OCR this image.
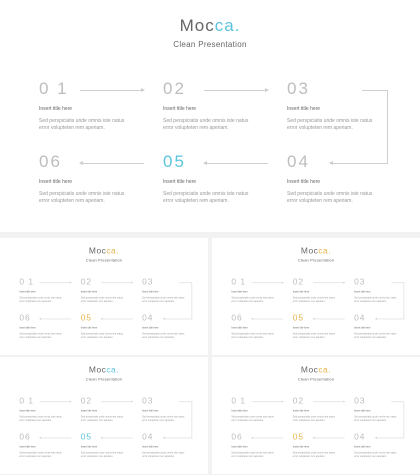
Mocca.
Clean Presentation
0 1
Insert title here
Sed perspiciatis unde omnis iste natus error volupteten rem aperiam.
02
Insert title here
Sed perspiciatis unde omnis iste natus error volupteten rem aperiam.
03
Insert title here
Sed perspiciatis unde omnis iste natus error volupteten rem aperiam.
06
Insert title here
Sed perspiciatis unde omnis iste natus error volupteten rem aperiam.
05
Insert title here
Sed perspiciatis unde omnis iste natus error volupteten rem aperiam.
04
Insert title here
Sed perspiciatis unde omnis iste natus error volupteten rem aperiam.
Mocca.
Clean Presentation
0 1
Insert title here
Sed perspiciatis unde omnis iste natus error volupteten rem aperiam.
02
Insert title here
Sed perspiciatis unde omnis iste natus error volupteten rem aperiam.
03
Insert title here
Sed perspiciatis unde omnis iste natus error volupteten rem aperiam.
06
Insert title here
Sed perspiciatis unde omnis iste natus error volupteten rem aperiam.
05
Insert title here
Sed perspiciatis unde omnis iste natus error volupteten rem aperiam.
04
Insert title here
Sed perspiciatis unde omnis iste natus error volupteten rem aperiam.
Mocca.
Clean Presentation
0 1
Insert title here
Sed perspiciatis unde omnis iste natus error volupteten rem aperiam.
02
Insert title here
Sed perspiciatis unde omnis iste natus error volupteten rem aperiam.
03
Insert title here
Sed perspiciatis unde omnis iste natus error volupteten rem aperiam.
06
Insert title here
Sed perspiciatis unde omnis iste natus error volupteten rem aperiam.
05
Insert title here
Sed perspiciatis unde omnis iste natus error volupteten rem aperiam.
04
Insert title here
Sed perspiciatis unde omnis iste natus error volupteten rem aperiam.
Mocca.
Clean Presentation
0 1
Insert title here
Sed perspiciatis unde omnis iste natus error volupteten rem aperiam.
02
Insert title here
Sed perspiciatis unde omnis iste natus error volupteten rem aperiam.
03
Insert title here
Sed perspiciatis unde omnis iste natus error volupteten rem aperiam.
06
Insert title here
Sed perspiciatis unde omnis iste natus error volupteten rem aperiam.
05
Insert title here
Sed perspiciatis unde omnis iste natus error volupteten rem aperiam.
04
Insert title here
Sed perspiciatis unde omnis iste natus error volupteten rem aperiam.
Mocca.
Clean Presentation
0 1
Insert title here
Sed perspiciatis unde omnis iste natus error volupteten rem aperiam.
02
Insert title here
Sed perspiciatis unde omnis iste natus error volupteten rem aperiam.
03
Insert title here
Sed perspiciatis unde omnis iste natus error volupteten rem aperiam.
06
Insert title here
Sed perspiciatis unde omnis iste natus error volupteten rem aperiam.
05
Insert title here
Sed perspiciatis unde omnis iste natus error volupteten rem aperiam.
04
Insert title here
Sed perspiciatis unde omnis iste natus error volupteten rem aperiam.
